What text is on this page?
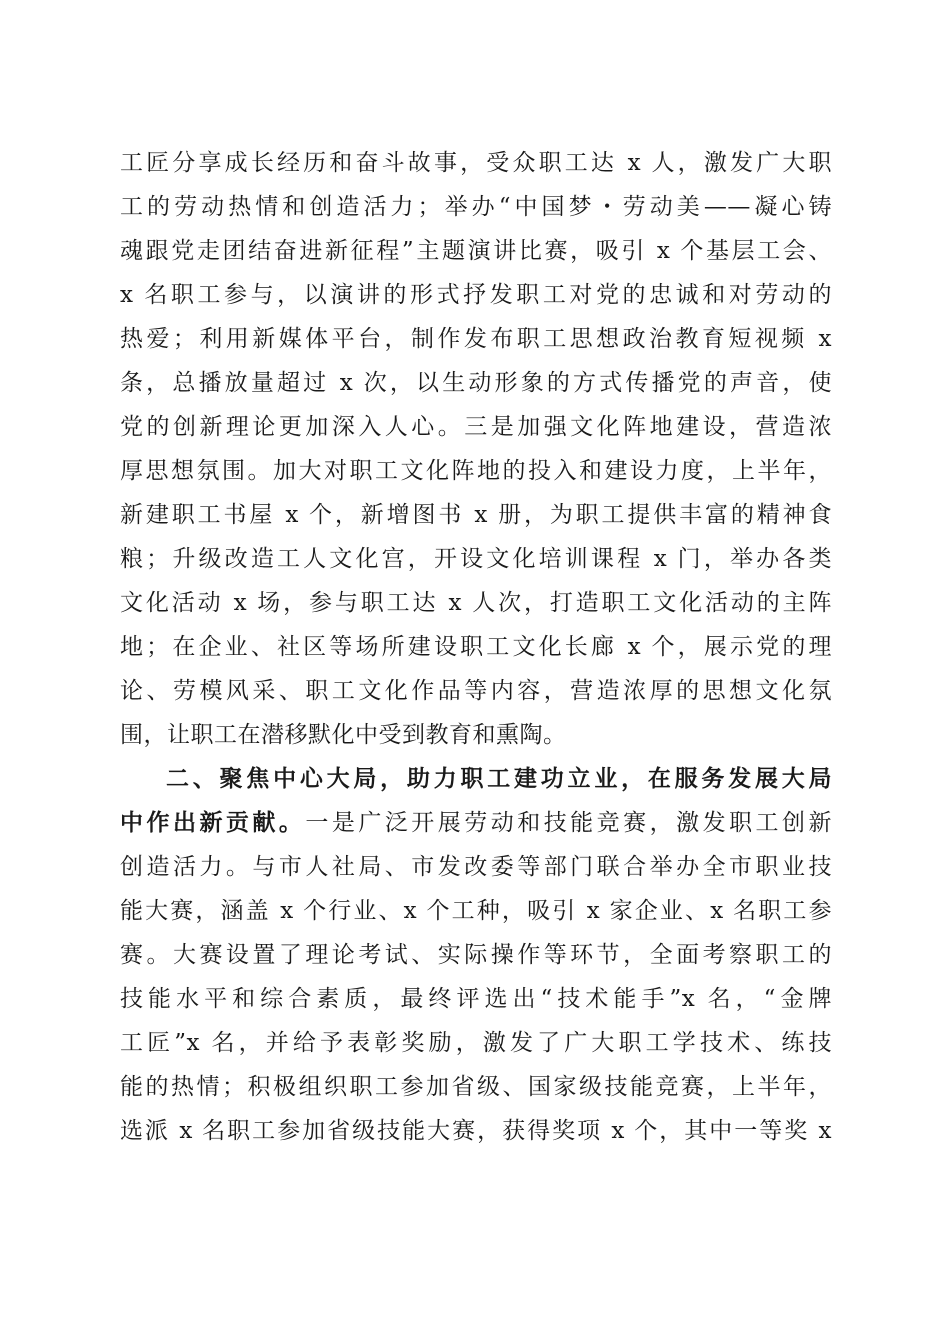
工匠分享成长经历和奋斗故事，受众职工达 x 人，激发广大职
工的劳动热情和创造活力；举办“中国梦・劳动美——凝心铸
魂跟党走团结奋进新征程”主题演讲比赛，吸引 x 个基层工会、
x 名职工参与，以演讲的形式抒发职工对党的忠诚和对劳动的
热爱；利用新媒体平台，制作发布职工思想政治教育短视频 x
条，总播放量超过 x 次，以生动形象的方式传播党的声音，使
党的创新理论更加深入人心。三是加强文化阵地建设，营造浓
厚思想氛围。加大对职工文化阵地的投入和建设力度，上半年，
新建职工书屋 x 个，新增图书 x 册，为职工提供丰富的精神食
粮；升级改造工人文化宫，开设文化培训课程 x 门，举办各类
文化活动 x 场，参与职工达 x 人次，打造职工文化活动的主阵
地；在企业、社区等场所建设职工文化长廊 x 个，展示党的理
论、劳模风采、职工文化作品等内容，营造浓厚的思想文化氛
围，让职工在潜移默化中受到教育和熏陶。
二、聚焦中心大局，助力职工建功立业，在服务发展大局
中作出新贡献。一是广泛开展劳动和技能竞赛，激发职工创新
创造活力。与市人社局、市发改委等部门联合举办全市职业技
能大赛，涵盖 x 个行业、x 个工种，吸引 x 家企业、x 名职工参
赛。大赛设置了理论考试、实际操作等环节，全面考察职工的
技能水平和综合素质，最终评选出“技术能手”x 名，“金牌
工匠”x 名，并给予表彰奖励，激发了广大职工学技术、练技
能的热情；积极组织职工参加省级、国家级技能竞赛，上半年，
选派 x 名职工参加省级技能大赛，获得奖项 x 个，其中一等奖 x
